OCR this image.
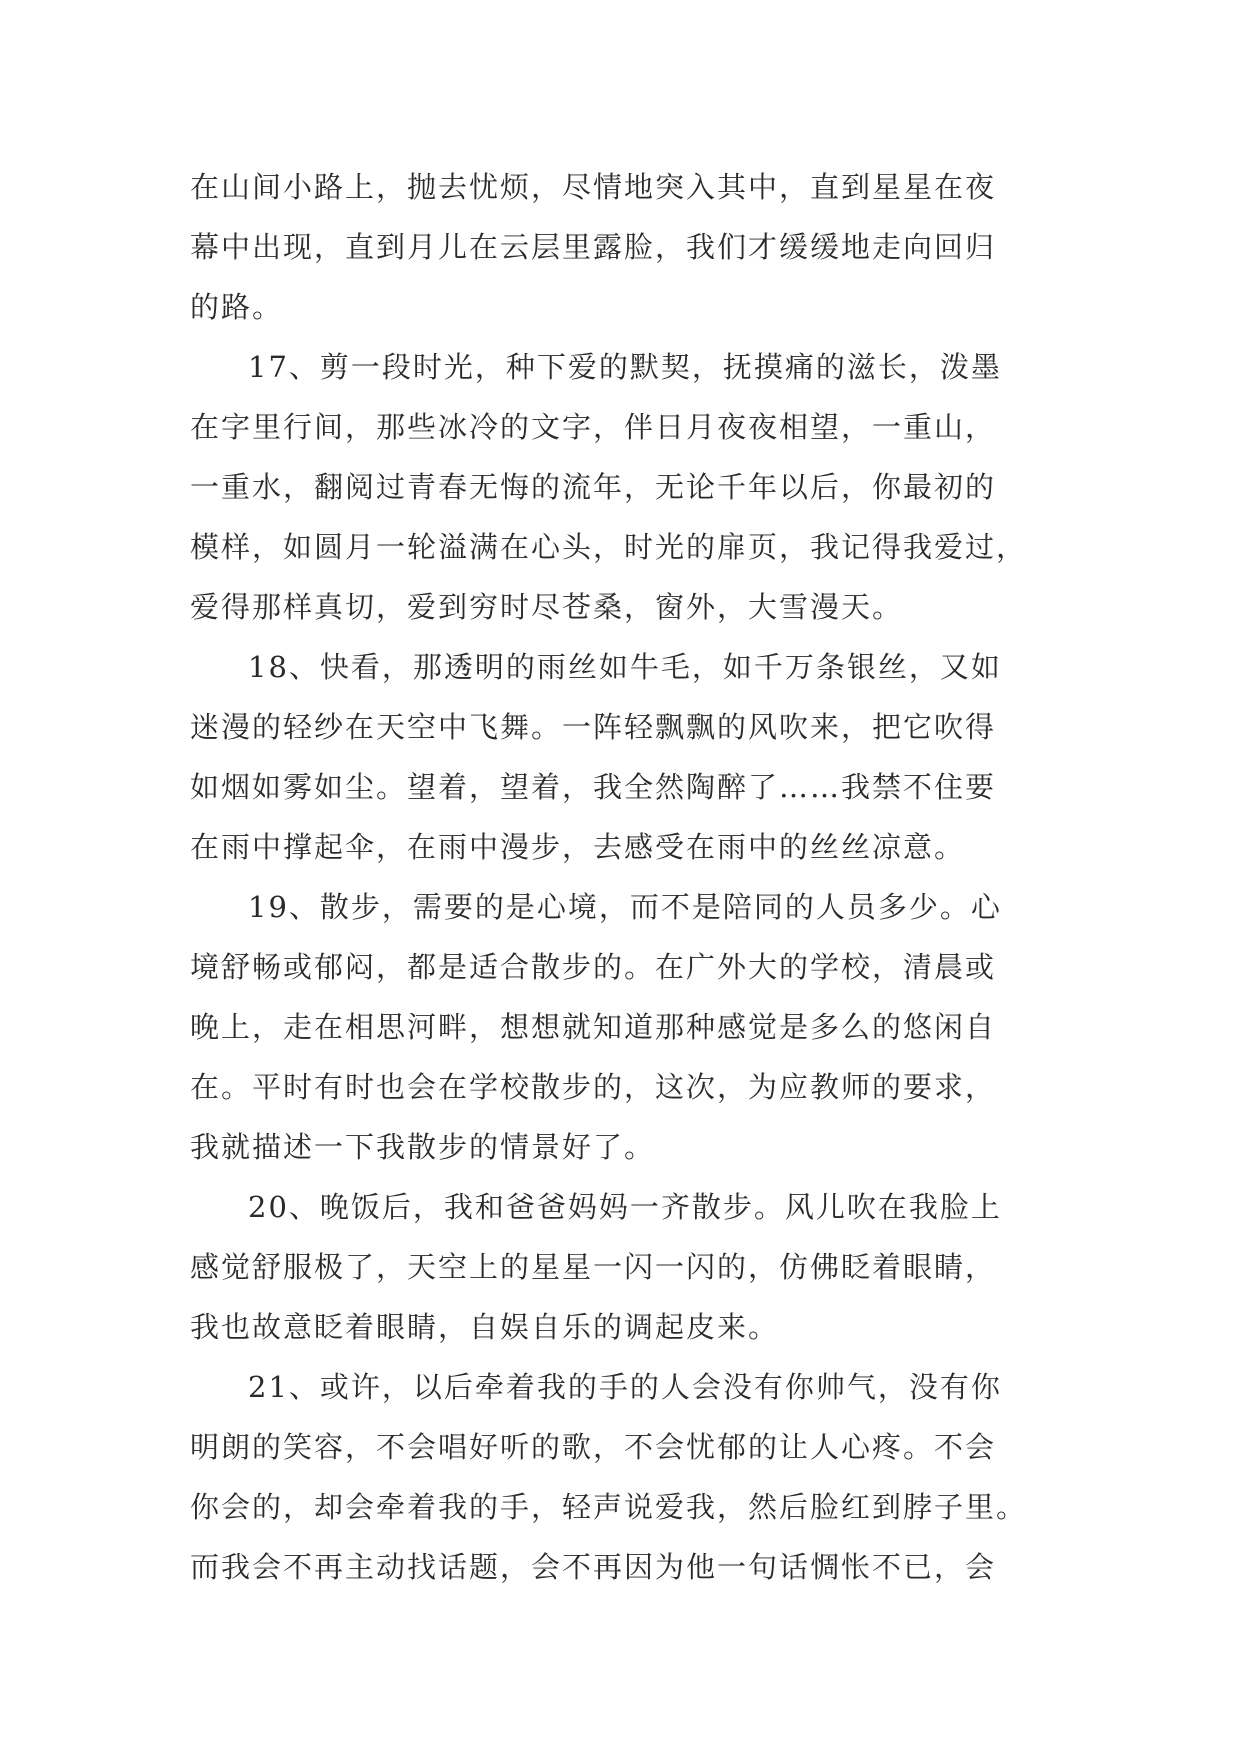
在山间小路上，抛去忧烦，尽情地突入其中，直到星星在夜
幕中出现，直到月儿在云层里露脸，我们才缓缓地走向回归
的路。

17、剪一段时光，种下爱的默契，抚摸痛的滋长，泼墨
在字里行间，那些冰冷的文字，伴日月夜夜相望，一重山，
一重水，翻阅过青春无悔的流年，无论千年以后，你最初的
模样，如圆月一轮溢满在心头，时光的扉页，我记得我爱过，
爱得那样真切，爱到穷时尽苍桑，窗外，大雪漫天。

18、快看，那透明的雨丝如牛毛，如千万条银丝，又如
迷漫的轻纱在天空中飞舞。一阵轻飘飘的风吹来，把它吹得
如烟如雾如尘。望着，望着，我全然陶醉了……我禁不住要
在雨中撑起伞，在雨中漫步，去感受在雨中的丝丝凉意。

19、散步，需要的是心境，而不是陪同的人员多少。心
境舒畅或郁闷，都是适合散步的。在广外大的学校，清晨或
晚上，走在相思河畔，想想就知道那种感觉是多么的悠闲自
在。平时有时也会在学校散步的，这次，为应教师的要求，
我就描述一下我散步的情景好了。

20、晚饭后，我和爸爸妈妈一齐散步。风儿吹在我脸上
感觉舒服极了，天空上的星星一闪一闪的，仿佛眨着眼睛，
我也故意眨着眼睛，自娱自乐的调起皮来。

21、或许，以后牵着我的手的人会没有你帅气，没有你
明朗的笑容，不会唱好听的歌，不会忧郁的让人心疼。不会
你会的，却会牵着我的手，轻声说爱我，然后脸红到脖子里。
而我会不再主动找话题，会不再因为他一句话惆怅不已，会
